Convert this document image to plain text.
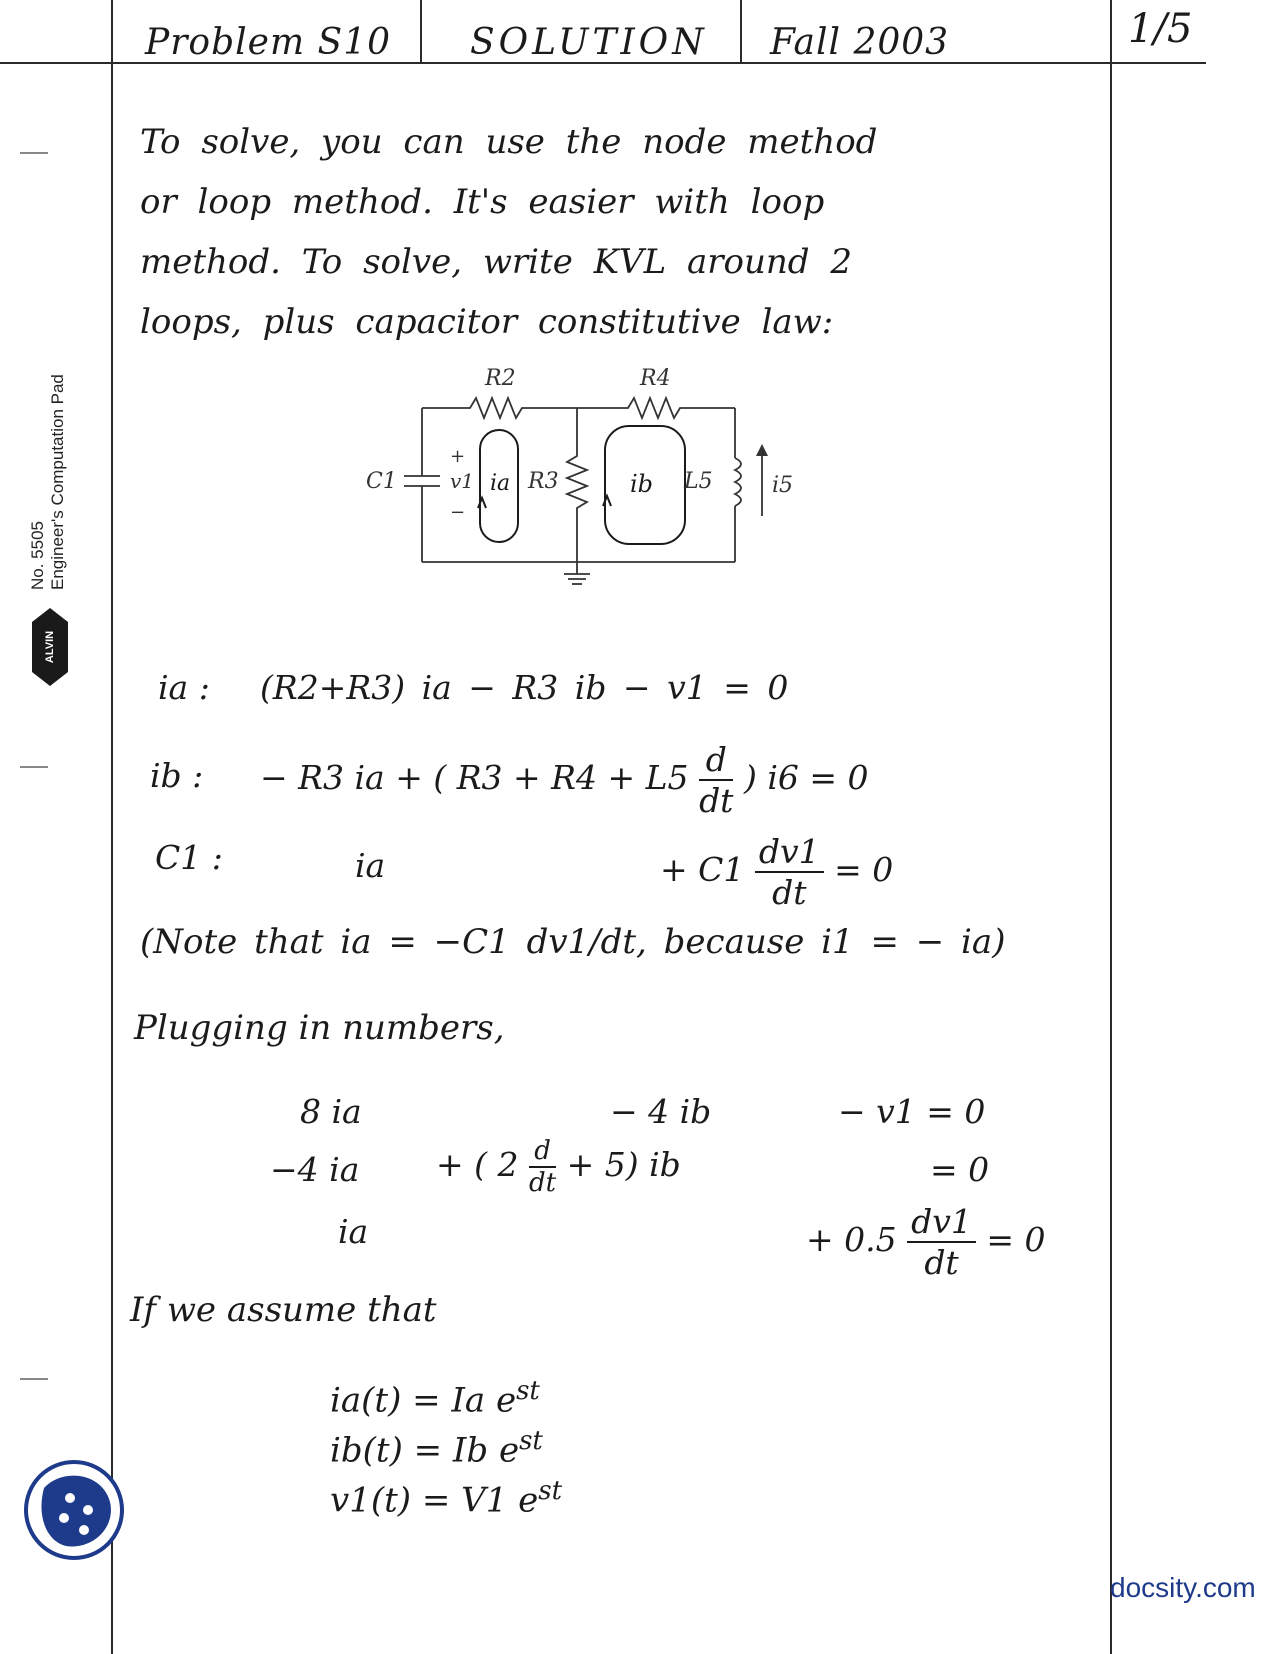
Problem S10 SOLUTION Fall 2003	1/5
No. 5505 Engineer's Computation Pad
ALVIN

To solve, you can use the node method

or loop method. It's easier with loop

method. To solve, write KVL around 2

loops, plus capacitor constitutive law:

R2	R4
C1
+
v1
−
R3	L5	i5
ia	ib
ia : (R2+R3) ia − R3 ib − v1 = 0
ib : − R3 ia + ( $R3 + R4 + L5 \frac{d}{dt}$ ) i6 = 0
C1 :	ia	+ $C1 \frac{dv1}{dt} = 0$
(Note that ia = −C1 dv1/dt, because i1 = − ia)
Plugging in numbers,
8 ia	− 4 ib	− v1 = 0
−4 ia + ( $2 \frac{d}{dt} + 5$) ib	= 0
ia	+ $0.5 \frac{dv1}{dt} = 0$
If we assume that
ia(t) = Ia $e^{st}$
ib(t) = Ib $e^{st}$
v1(t) = V1 $e^{st}$
docsity.com
